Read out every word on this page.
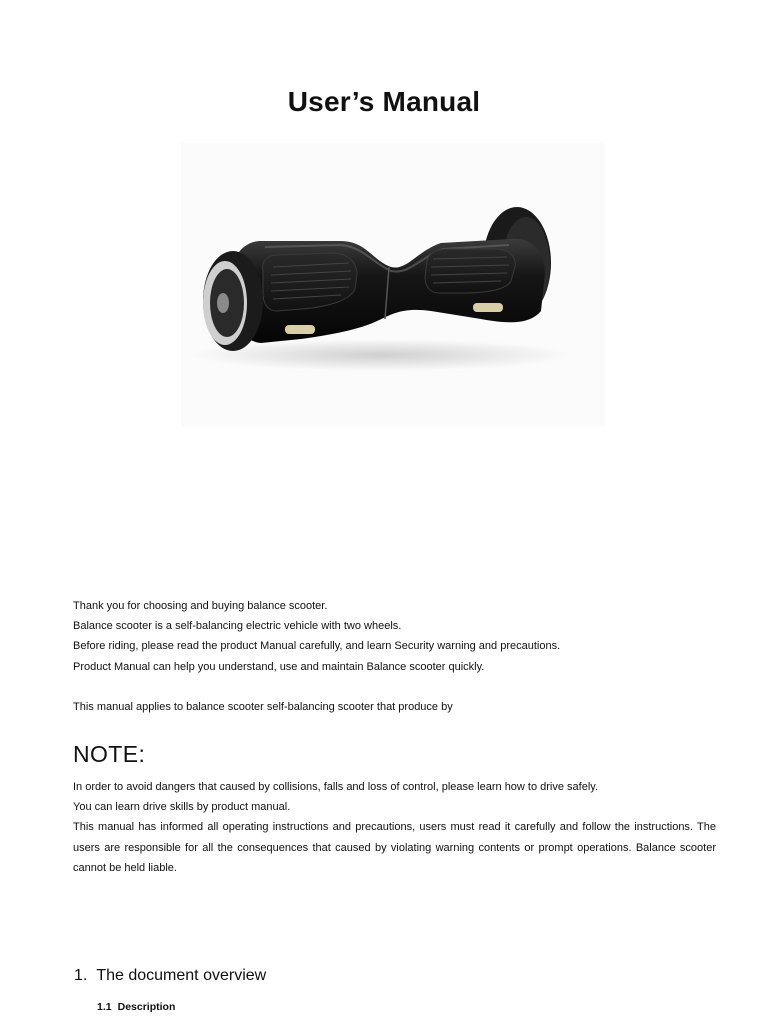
User’s Manual

Thank you for choosing and buying balance scooter.

Balance scooter is a self-balancing electric vehicle with two wheels.

Before riding, please read the product Manual carefully, and learn Security warning and precautions.

Product Manual can help you understand, use and maintain Balance scooter quickly.

This manual applies to balance scooter self-balancing scooter that produce by
NOTE:

In order to avoid dangers that caused by collisions, falls and loss of control, please learn how to drive safely.

You can learn drive skills by product manual.

This manual has informed all operating instructions and precautions, users must read it carefully and follow the instructions. The users are responsible for all the consequences that caused by violating warning contents or prompt operations. Balance scooter cannot be held liable.

1. The document overview
1.1 Description
